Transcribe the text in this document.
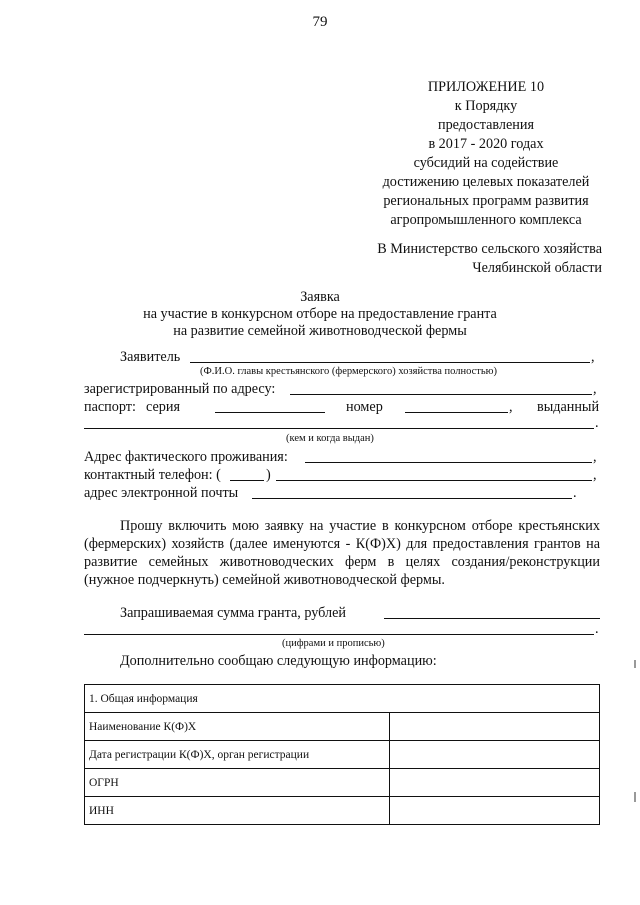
79
ПРИЛОЖЕНИЕ 10
к Порядку
предоставления
в 2017 - 2020 годах
субсидий на содействие
достижению целевых показателей
региональных программ развития
агропромышленного комплекса
В Министерство сельского хозяйства
Челябинской области
Заявка
на участие в конкурсном отборе на предоставление гранта
на развитие семейной животноводческой фермы
Заявитель	,
(Ф.И.О. главы крестьянского (фермерского) хозяйства полностью)
зарегистрированный по адресу:	,
паспорт: серия	номер	, выданный
.
(кем и когда выдан)
Адрес фактического проживания:	,
контактный телефон: (	)	,
адрес электронной почты	.
Прошу включить мою заявку на участие в конкурсном отборе крестьянских (фермерских) хозяйств (далее именуются - К(Ф)Х) для предоставления грантов на развитие семейных животноводческих ферм в целях создания/реконструкции (нужное подчеркнуть) семейной животноводческой фермы.
Запрашиваемая сумма гранта, рублей
.
(цифрами и прописью)
Дополнительно сообщаю следующую информацию:
1. Общая информация	
Наименование К(Ф)Х	
Дата регистрации К(Ф)Х, орган регистрации	
ОГРН	
ИНН	
